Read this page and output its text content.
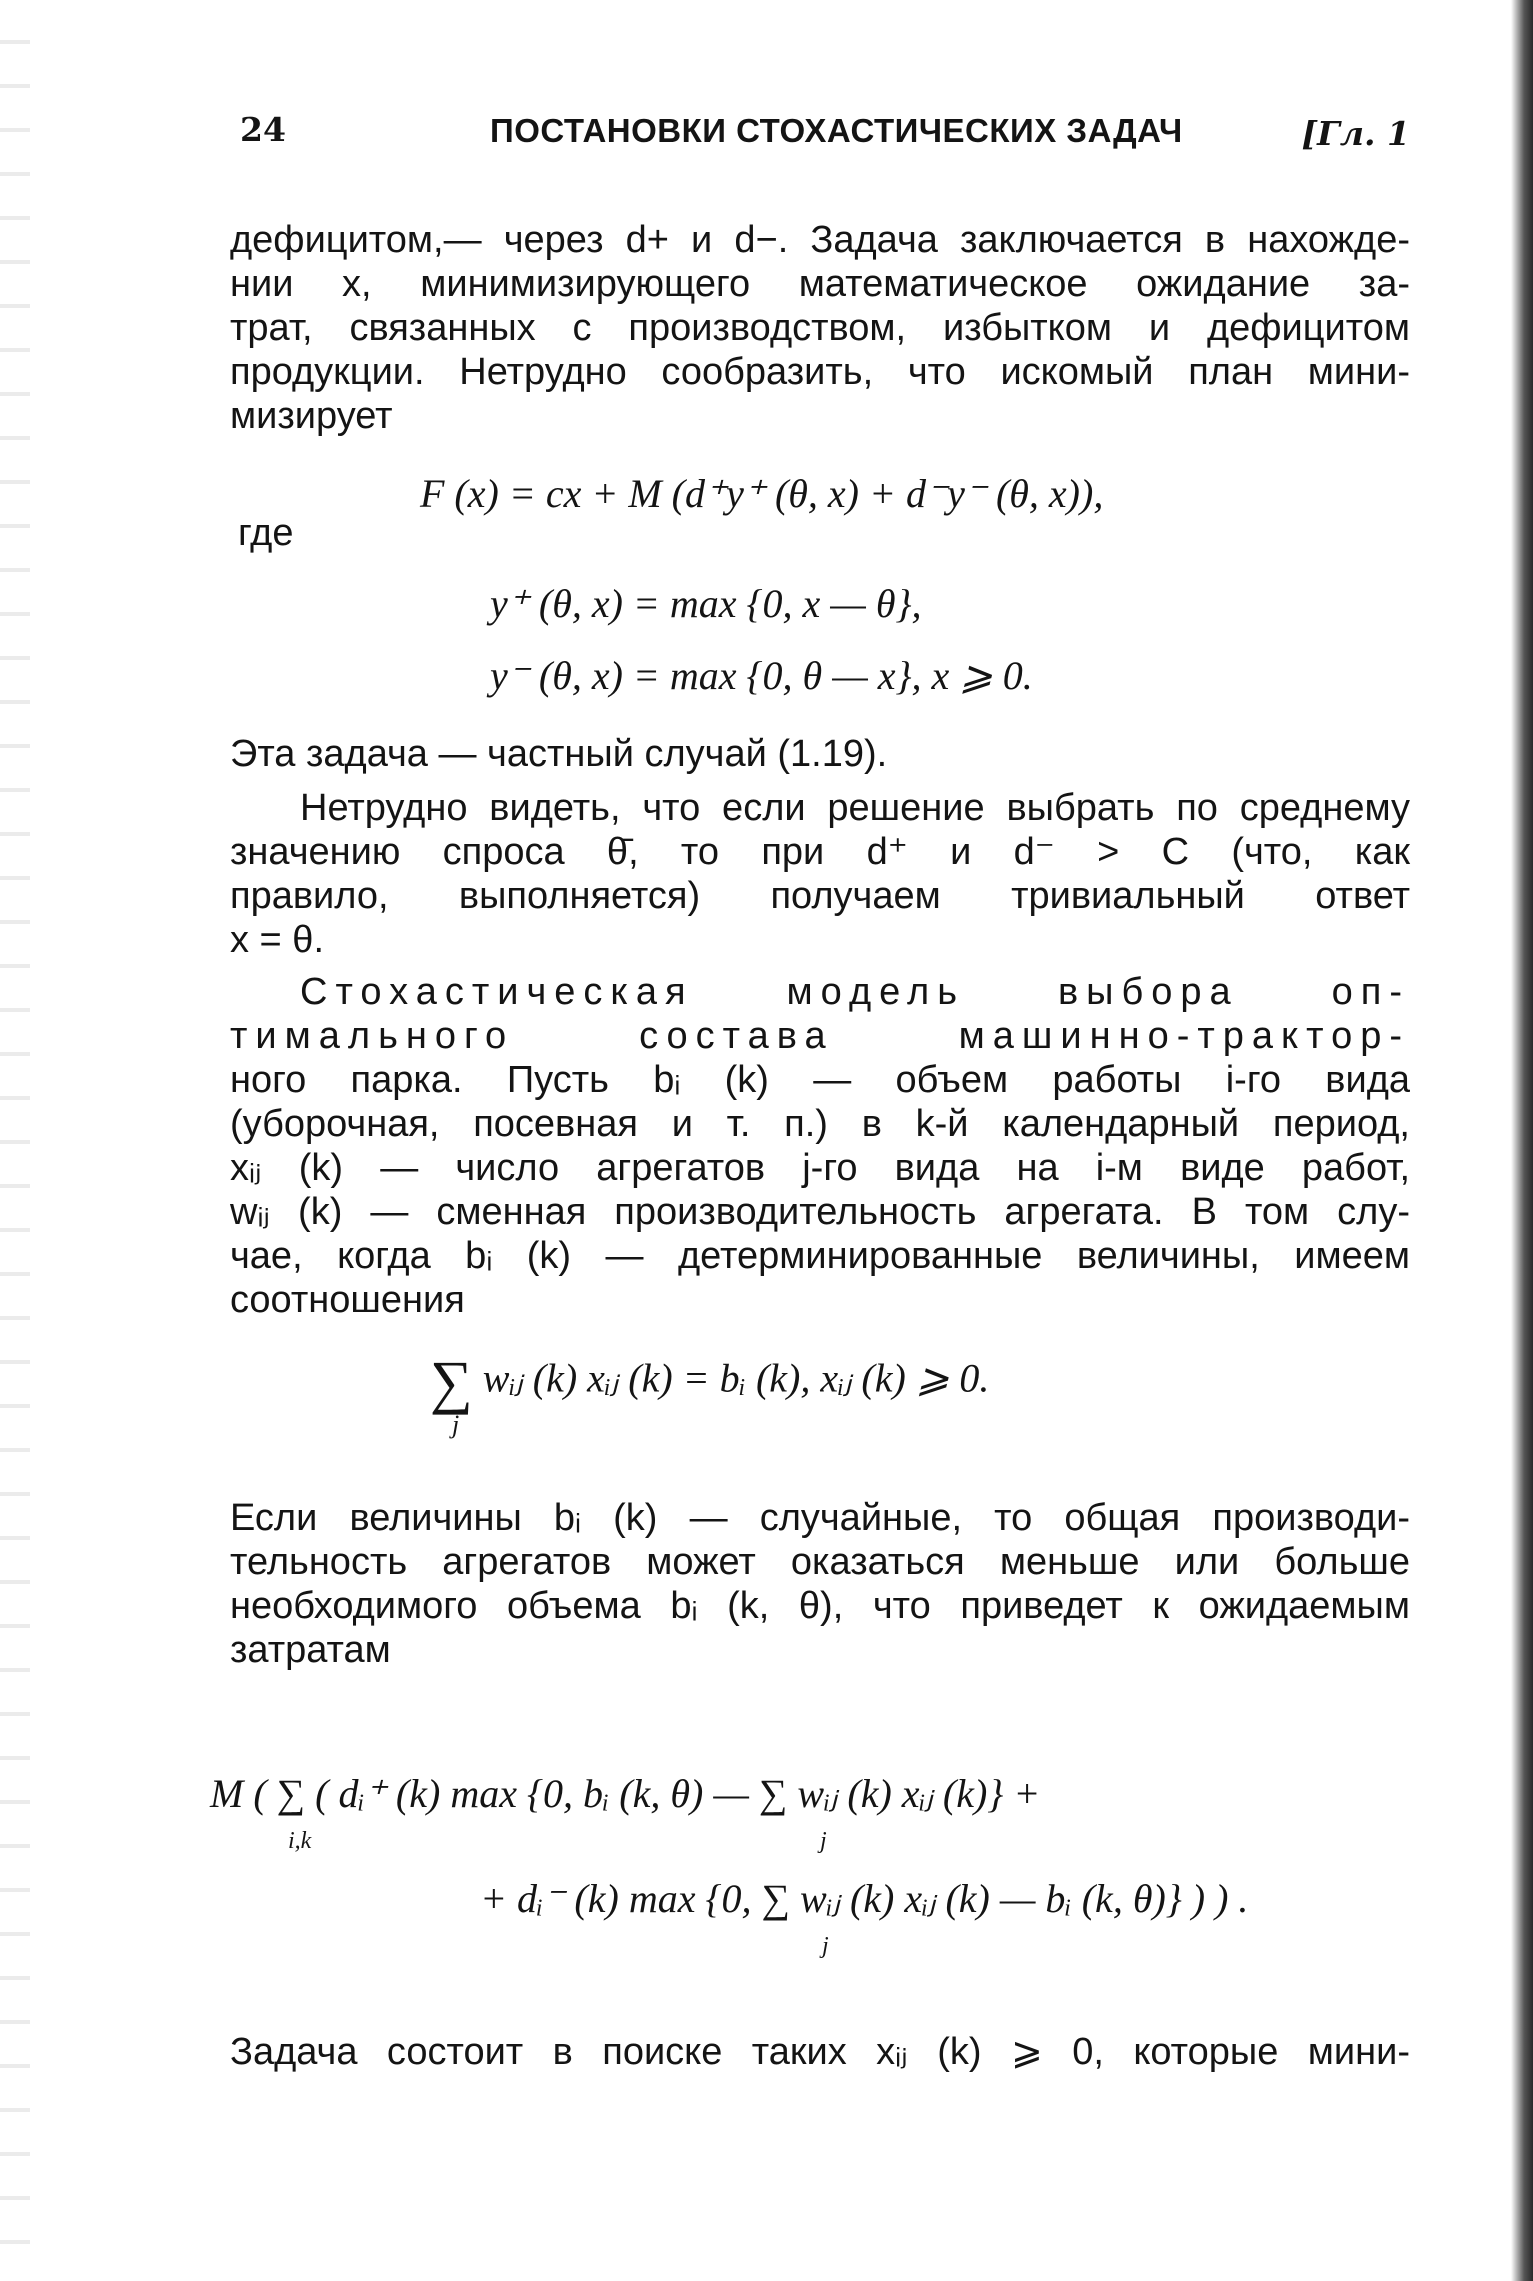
24	ПОСТАНОВКИ СТОХАСТИЧЕСКИХ ЗАДАЧ	[Гл. 1
дефицитом,— через d+ и d−. Задача заключается в нахожде-
нии x, минимизирующего математическое ожидание за-
трат, связанных с производством, избытком и дефицитом
продукции. Нетрудно сообразить, что искомый план мини-
мизирует
F (x) = cx + M (d⁺y⁺ (θ, x) + d⁻y⁻ (θ, x)),
где
y⁺ (θ, x) = max {0, x — θ},
y⁻ (θ, x) = max {0, θ — x}, x ⩾ 0.
Эта задача — частный случай (1.19).
Нетрудно видеть, что если решение выбрать по среднему
значению спроса θ̄, то при d⁺ и d⁻ > C (что, как
правило, выполняется) получаем тривиальный ответ
x = θ.
Стохастическая модель выбора оп-
тимального состава машинно-трактор-
ного парка. Пусть bᵢ (k) — объем работы i-го вида
(уборочная, посевная и т. п.) в k-й календарный период,
xᵢⱼ (k) — число агрегатов j-го вида на i-м виде работ,
wᵢⱼ (k) — сменная производительность агрегата. В том слу-
чае, когда bᵢ (k) — детерминированные величины, имеем
соотношения
∑ wᵢⱼ (k) xᵢⱼ (k) = bᵢ (k), xᵢⱼ (k) ⩾ 0.
j
Если величины bᵢ (k) — случайные, то общая производи-
тельность агрегатов может оказаться меньше или больше
необходимого объема bᵢ (k, θ), что приведет к ожидаемым
затратам
M ( ∑ ( dᵢ⁺ (k) max {0, bᵢ (k, θ) — ∑ wᵢⱼ (k) xᵢⱼ (k)} +
i,k	j
+ dᵢ⁻ (k) max {0, ∑ wᵢⱼ (k) xᵢⱼ (k) — bᵢ (k, θ)} ) ) .
j
Задача состоит в поиске таких xᵢⱼ (k) ⩾ 0, которые мини-
